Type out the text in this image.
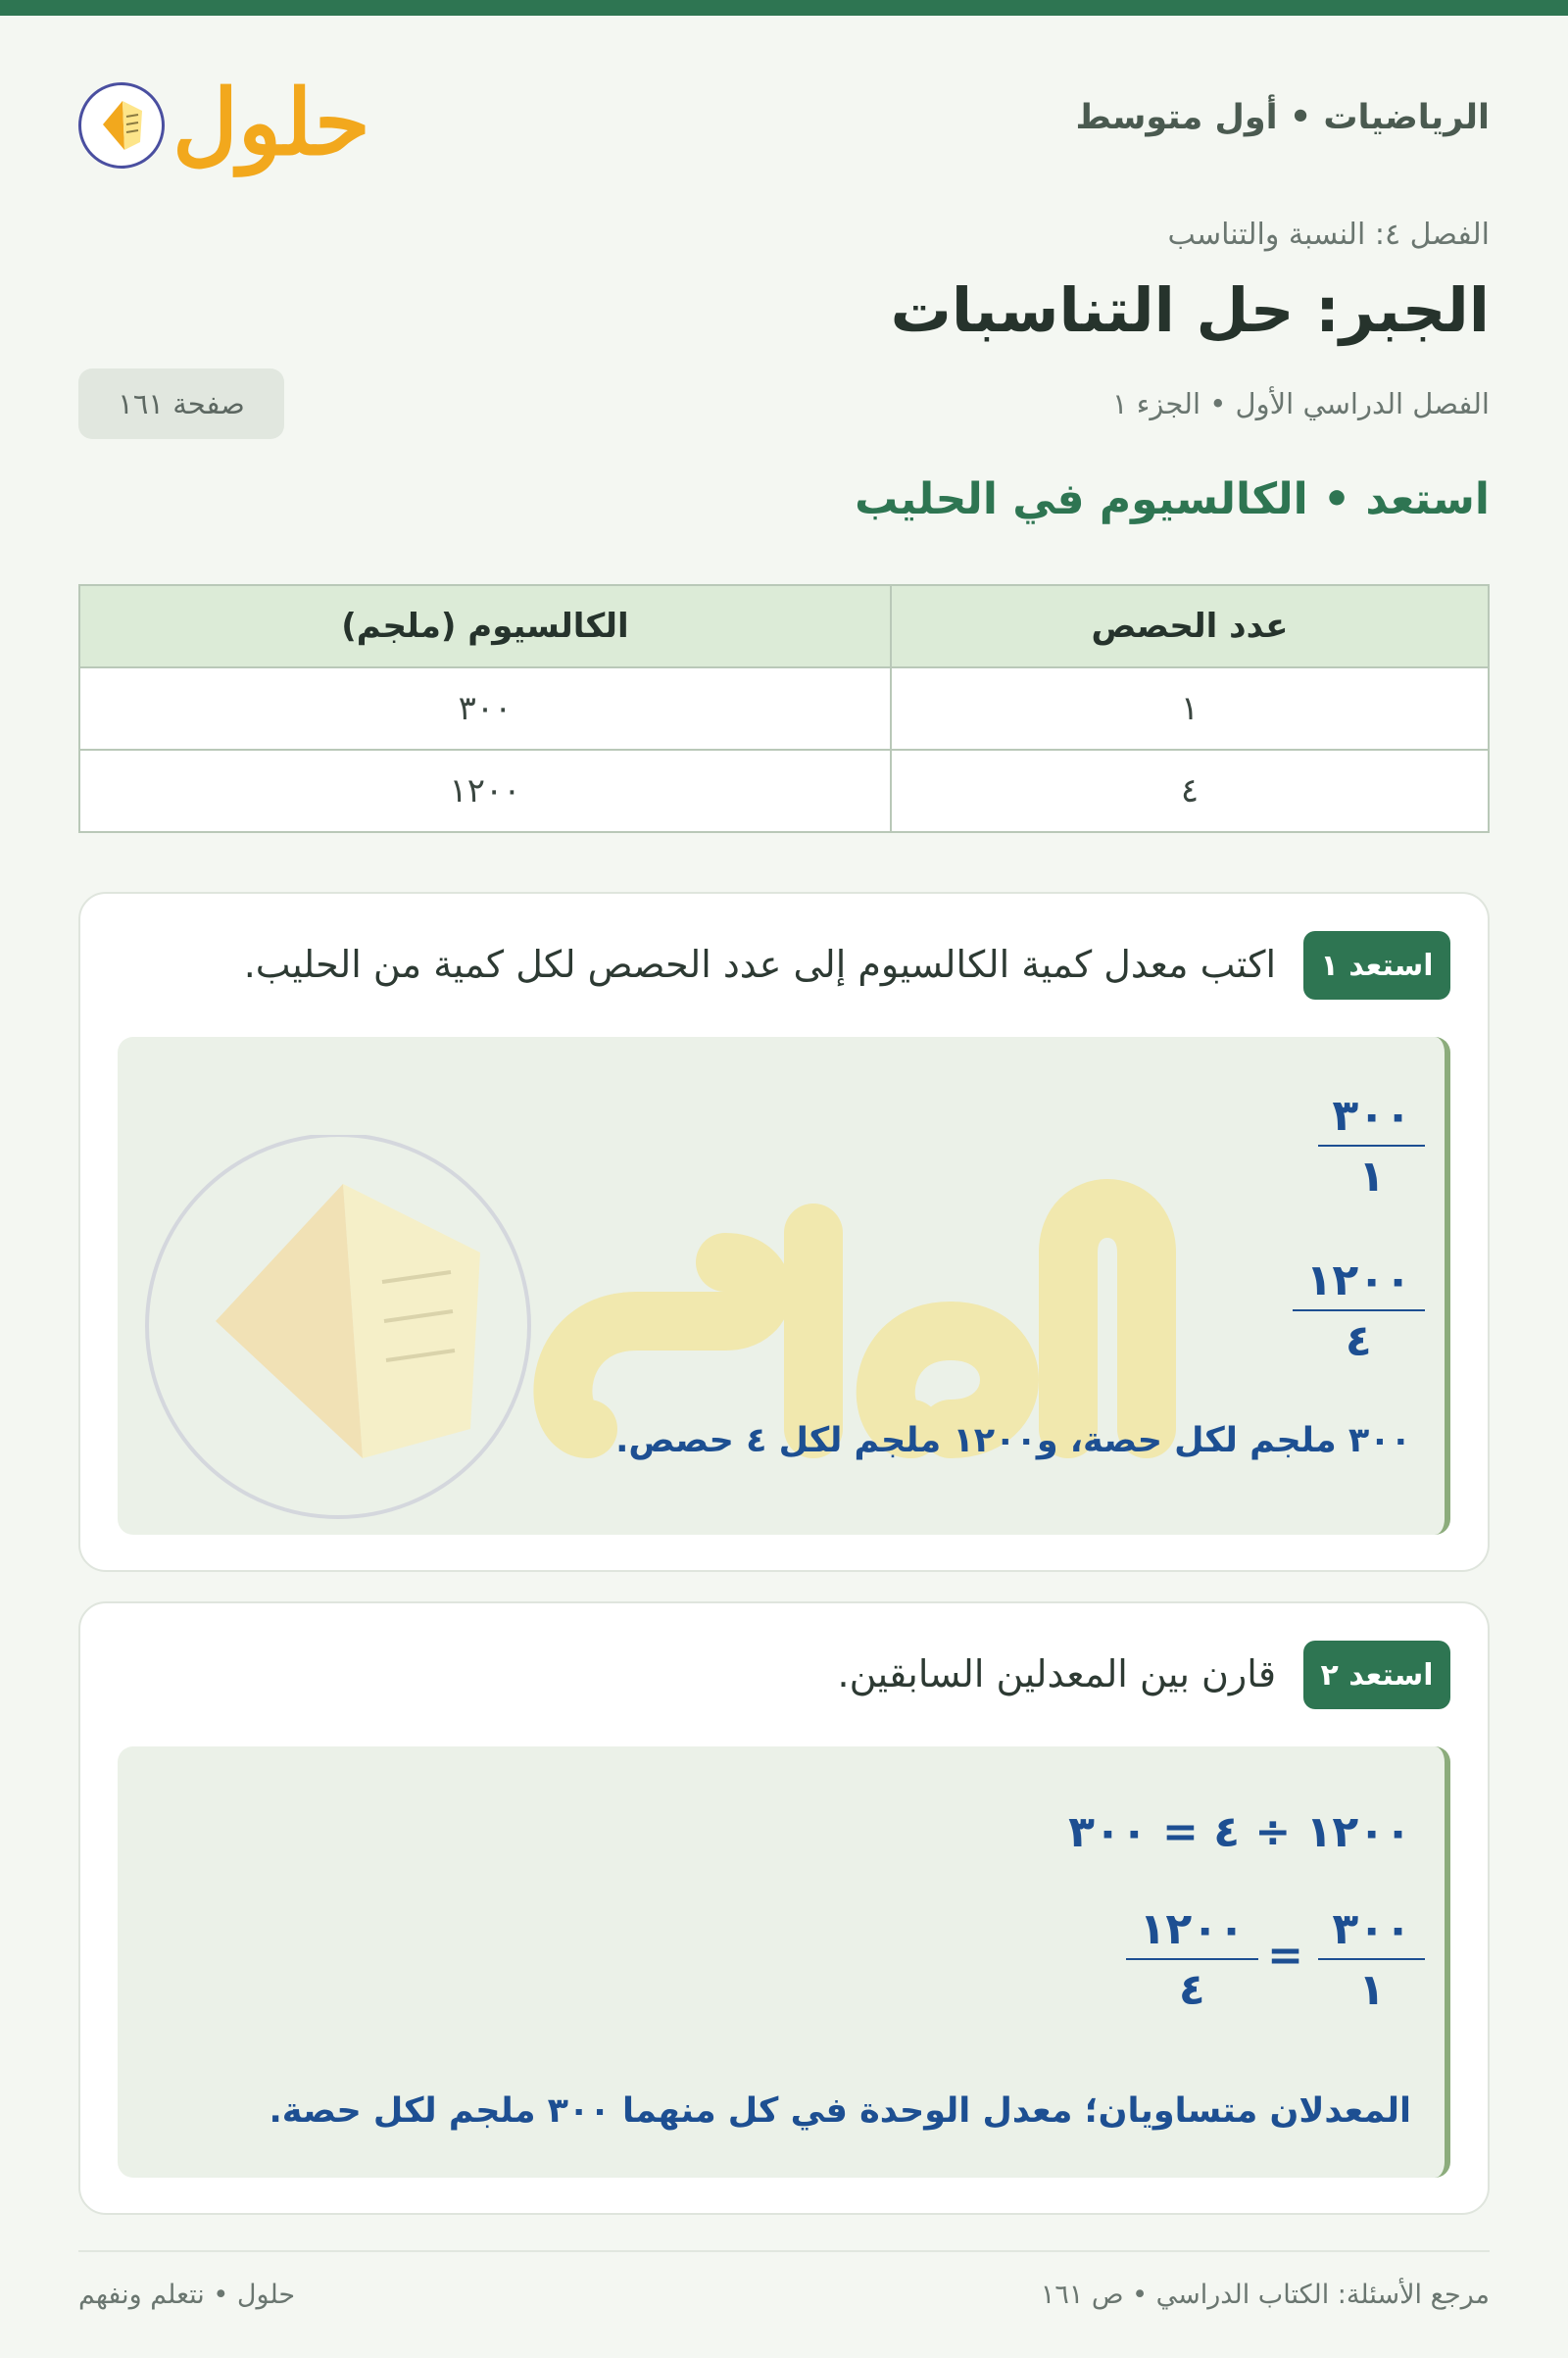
الرياضيات • أول متوسط
حلول
الفصل ٤: النسبة والتناسب
الجبر: حل التناسبات
الفصل الدراسي الأول • الجزء ١
صفحة ١٦١
استعد • الكالسيوم في الحليب
عدد الحصص	الكالسيوم (ملجم)
١	٣٠٠
٤	١٢٠٠
استعد ١
اكتب معدل كمية الكالسيوم إلى عدد الحصص لكل كمية من الحليب.
٣٠٠
١
١٢٠٠
٤
٣٠٠ ملجم لكل حصة، و١٢٠٠ ملجم لكل ٤ حصص.
استعد ٢
قارن بين المعدلين السابقين.
١٢٠٠ ÷ ٤ = ٣٠٠
٣٠٠
١
=
١٢٠٠
٤
المعدلان متساويان؛ معدل الوحدة في كل منهما ٣٠٠ ملجم لكل حصة.
مرجع الأسئلة: الكتاب الدراسي • ص ١٦١
حلول • نتعلم ونفهم
